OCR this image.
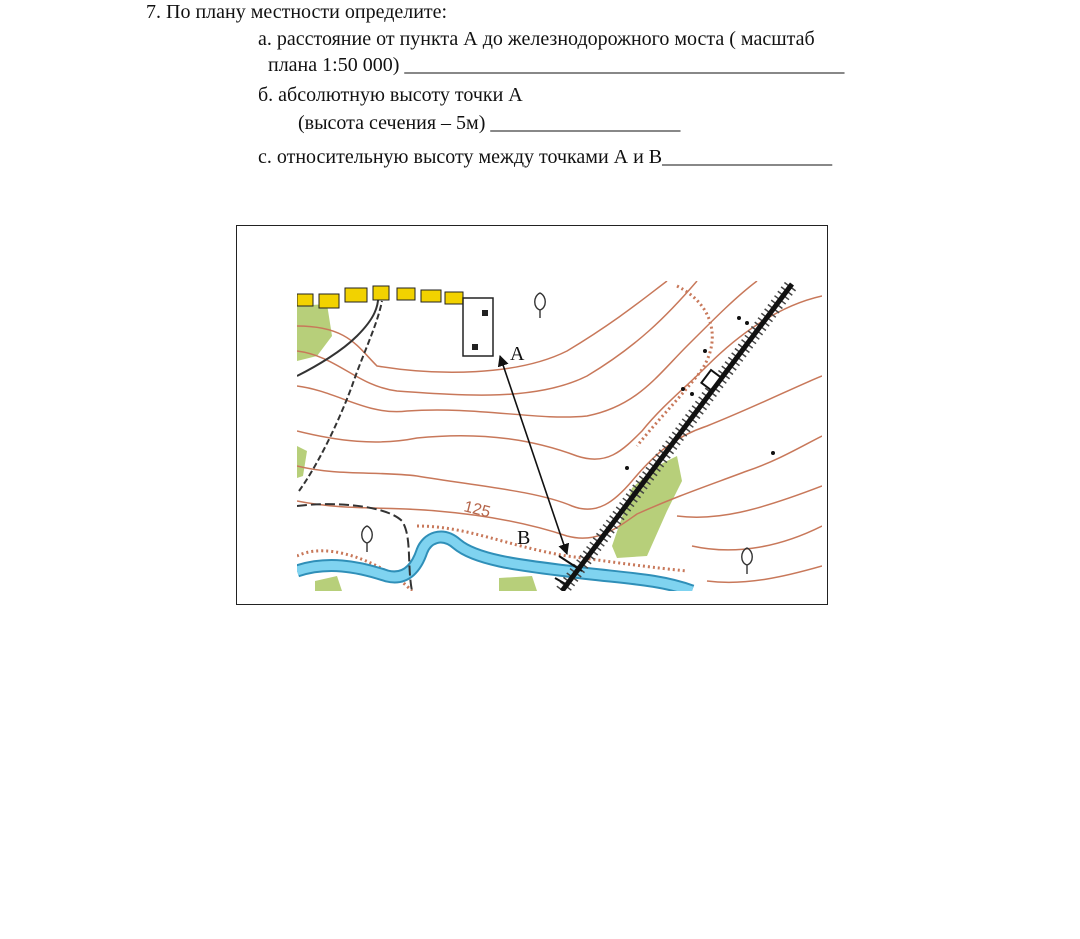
7. По плану местности определите:
а. расстояние от пункта А до железнодорожного моста ( масштаб
плана 1:50 000) ____________________________________________
б. абсолютную высоту точки А
(высота сечения – 5м) ___________________
с. относительную высоту между точками А и В_________________
125
А
В
